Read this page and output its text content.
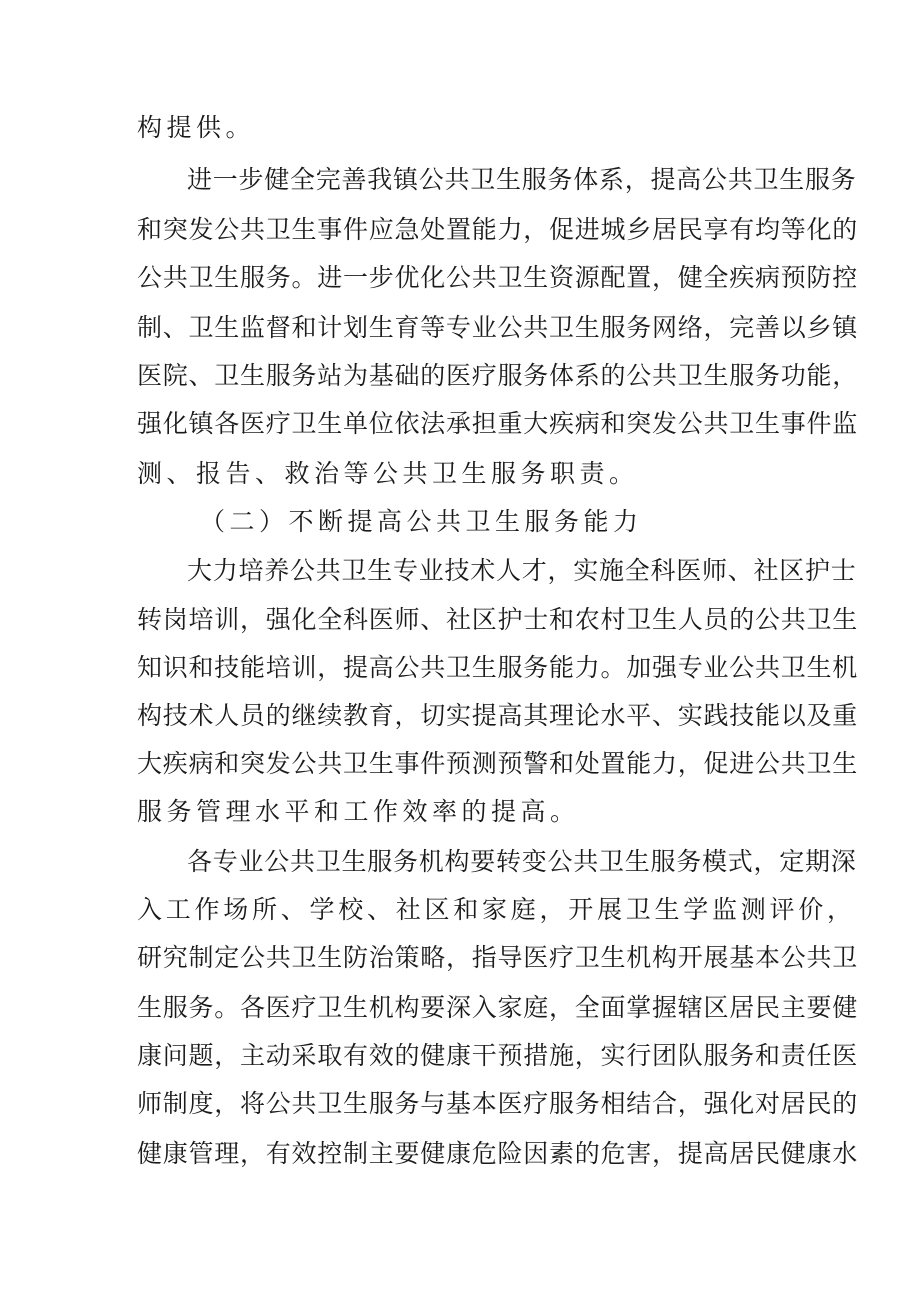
构提供。
进一步健全完善我镇公共卫生服务体系，提高公共卫生服务
和突发公共卫生事件应急处置能力，促进城乡居民享有均等化的
公共卫生服务。进一步优化公共卫生资源配置，健全疾病预防控
制、卫生监督和计划生育等专业公共卫生服务网络，完善以乡镇
医院、卫生服务站为基础的医疗服务体系的公共卫生服务功能，
强化镇各医疗卫生单位依法承担重大疾病和突发公共卫生事件监
测、报告、救治等公共卫生服务职责。
（二）不断提高公共卫生服务能力
大力培养公共卫生专业技术人才，实施全科医师、社区护士
转岗培训，强化全科医师、社区护士和农村卫生人员的公共卫生
知识和技能培训，提高公共卫生服务能力。加强专业公共卫生机
构技术人员的继续教育，切实提高其理论水平、实践技能以及重
大疾病和突发公共卫生事件预测预警和处置能力，促进公共卫生
服务管理水平和工作效率的提高。
各专业公共卫生服务机构要转变公共卫生服务模式，定期深
入工作场所、学校、社区和家庭，开展卫生学监测评价，
研究制定公共卫生防治策略，指导医疗卫生机构开展基本公共卫
生服务。各医疗卫生机构要深入家庭，全面掌握辖区居民主要健
康问题，主动采取有效的健康干预措施，实行团队服务和责任医
师制度，将公共卫生服务与基本医疗服务相结合，强化对居民的
健康管理，有效控制主要健康危险因素的危害，提高居民健康水
